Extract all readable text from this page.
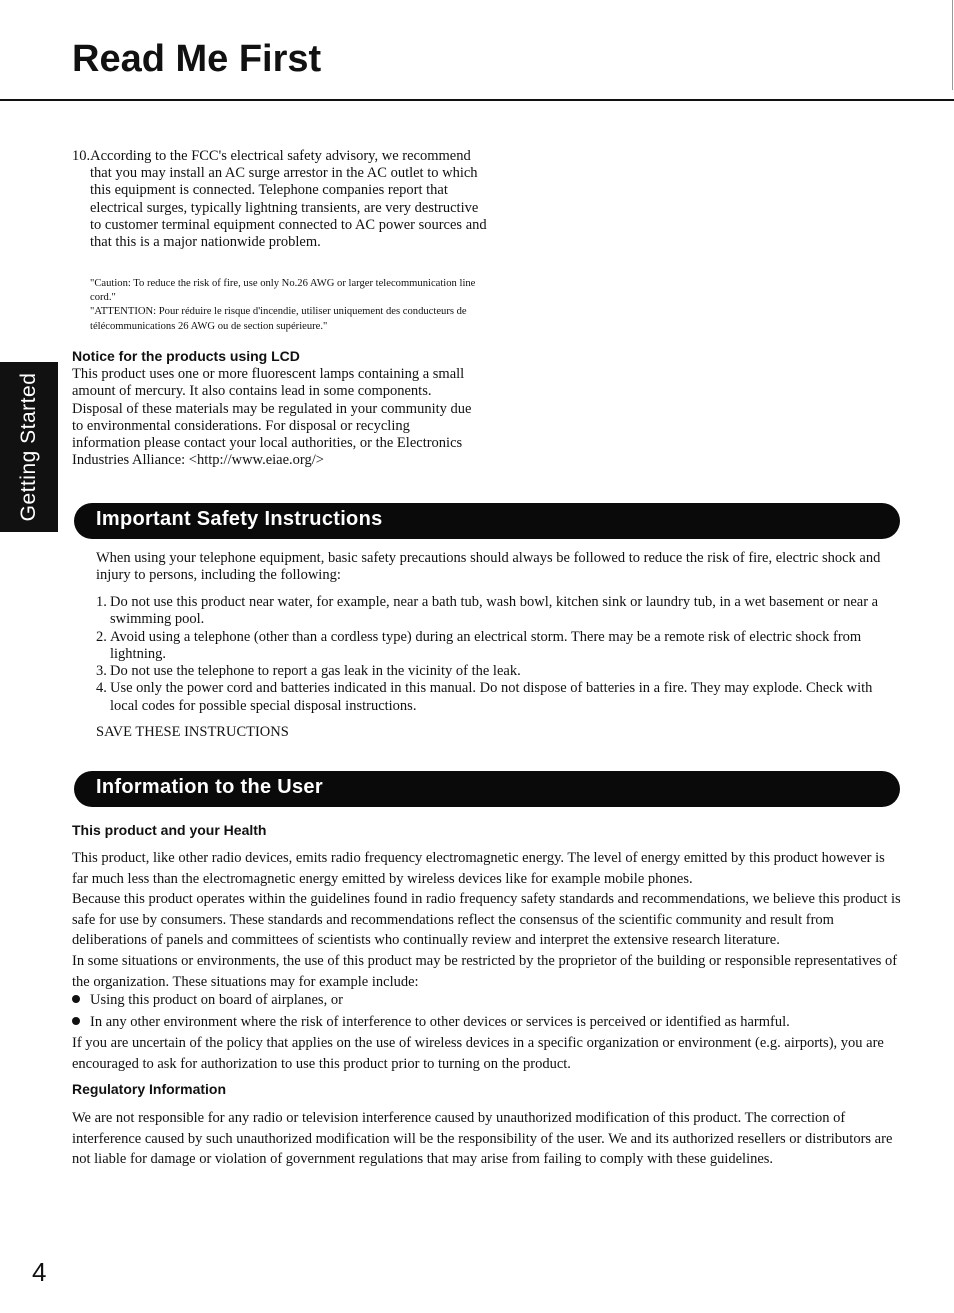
Read Me First
Getting Started
10.According to the FCC's electrical safety advisory, we recommend that you may install an AC surge arrestor in the AC outlet to which this equipment is connected. Telephone companies report that electrical surges, typically lightning transients, are very destructive to customer terminal equipment connected to AC power sources and that this is a major nationwide problem.
"Caution: To reduce the risk of fire, use only No.26 AWG or larger telecommunication line cord."
"ATTENTION: Pour réduire le risque d'incendie, utiliser uniquement des conducteurs de télécommunications 26 AWG ou de section supérieure."
Notice for the products using LCD
This product uses one or more fluorescent lamps containing a small amount of mercury. It also contains lead in some components. Disposal of these materials may be regulated in your community due to environmental considerations. For disposal or recycling information please contact your local authorities, or the Electronics Industries Alliance: <http://www.eiae.org/>
Important Safety Instructions
When using your telephone equipment, basic safety precautions should always be followed to reduce the risk of fire, electric shock and injury to persons, including the following:
1. Do not use this product near water, for example, near a bath tub, wash bowl, kitchen sink or laundry tub, in a wet basement or near a swimming pool.
2. Avoid using a telephone (other than a cordless type) during an electrical storm. There may be a remote risk of electric shock from lightning.
3. Do not use the telephone to report a gas leak in the vicinity of the leak.
4. Use only the power cord and batteries indicated in this manual. Do not dispose of batteries in a fire. They may explode. Check with local codes for possible special disposal instructions.
SAVE THESE INSTRUCTIONS
Information to the User
This product and your Health
This product, like other radio devices, emits radio frequency electromagnetic energy. The level of energy emitted by this product however is far much less than the electromagnetic energy emitted by wireless devices like for example mobile phones.
Because this product operates within the guidelines found in radio frequency safety standards and recommendations, we believe this product is safe for use by consumers. These standards and recommendations reflect the consensus of the scientific community and result from deliberations of panels and committees of scientists who continually review and interpret the extensive research literature.
In some situations or environments, the use of this product may be restricted by the proprietor of the building or responsible representatives of the organization. These situations may for example include:
Using this product on board of airplanes, or
In any other environment where the risk of interference to other devices or services is perceived or identified as harmful.
If you are uncertain of the policy that applies on the use of wireless devices in a specific organization or environment (e.g. airports), you are encouraged to ask for authorization to use this product prior to turning on the product.
Regulatory Information
We are not responsible for any radio or television interference caused by unauthorized modification of this product. The correction of interference caused by such unauthorized modification will be the responsibility of the user. We and its authorized resellers or distributors are not liable for damage or violation of government regulations that may arise from failing to comply with these guidelines.
4
